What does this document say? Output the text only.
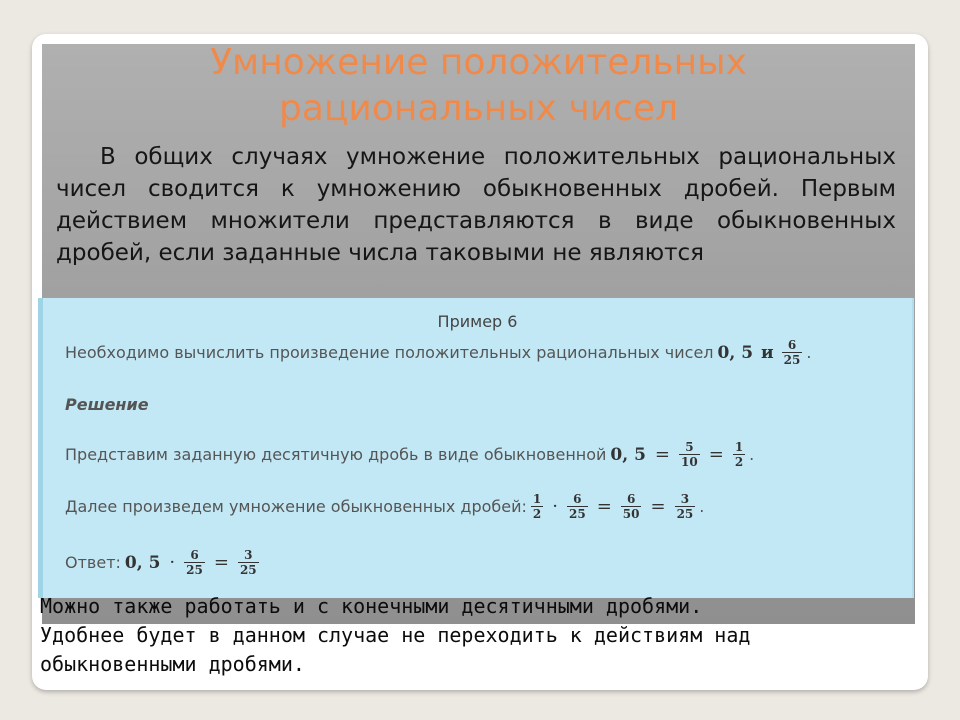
Умножение положительных
рациональных чисел

В общих случаях умножение положительных рациональных чисел сводится к умножению обыкновенных дробей. Первым действием множители представляются в виде обыкновенных дробей, если заданные числа таковыми не являются

Пример 6
Необходимо вычислить произведение положительных рациональных чисел 0, 5 и $\frac{6}{25}$ .
Решение
Представим заданную десятичную дробь в виде обыкновенной 0, $5 = \frac{5}{10} = \frac{1}{2}$ .
Далее произведем умножение обыкновенных дробей: $\frac{1}{2} \cdot \frac{6}{25} = \frac{6}{50} = \frac{3}{25}$ .
Ответ: 0, $5 \cdot \frac{6}{25} = \frac{3}{25}$

Можно также работать и с конечными десятичными дробями.
Удобнее будет в данном случае не переходить к действиям над
обыкновенными дробями.
